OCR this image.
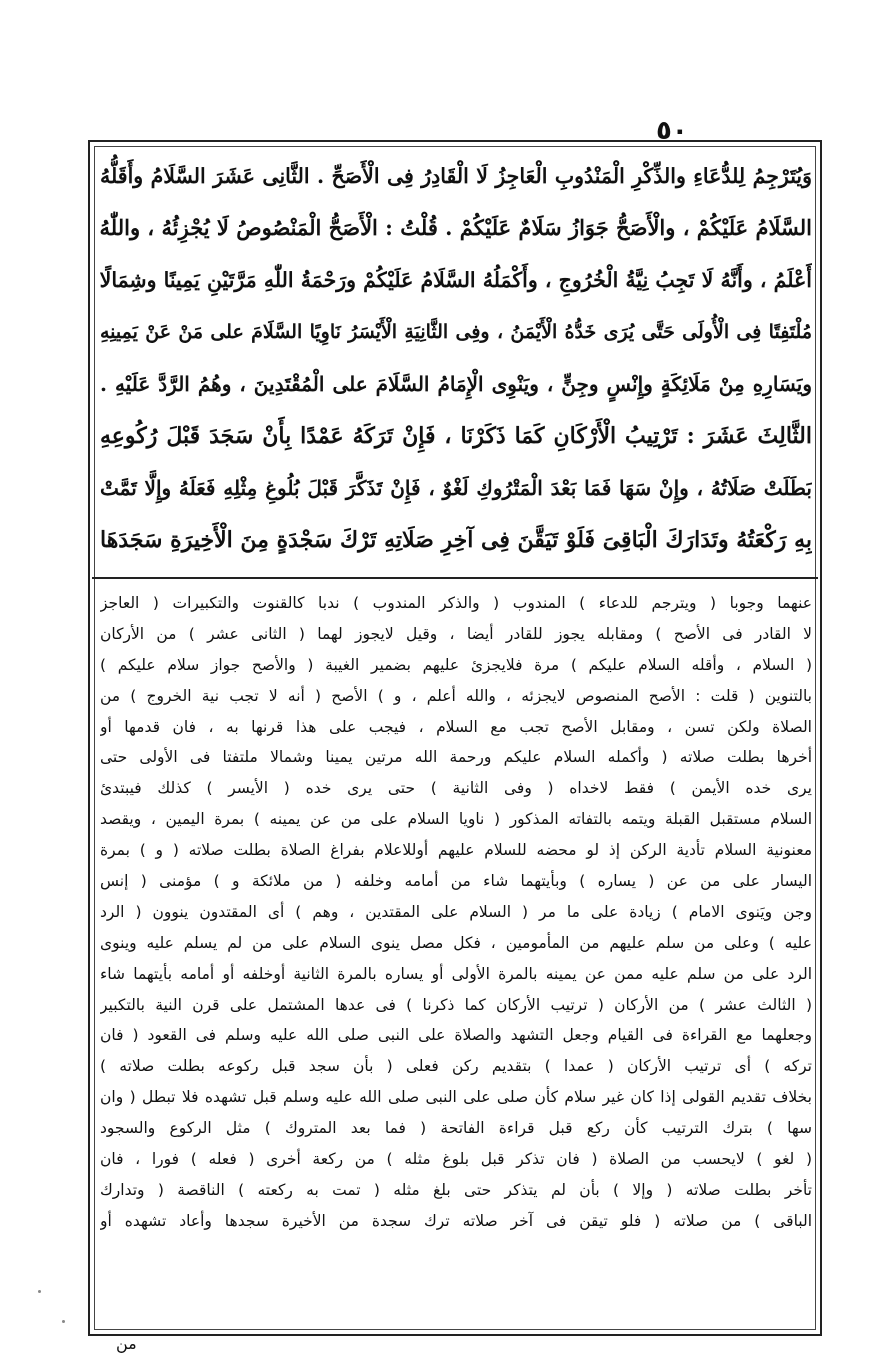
٥٠
وَيُتَرْجِمُ لِلدُّعَاءِ والذِّكْرِ الْمَنْدُوبِ الْعَاجِزُ لَا الْقَادِرُ فِى الْأَصَحِّ . الثَّانِى عَشَرَ السَّلَامُ وأَقَلُّهُ
السَّلَامُ عَلَيْكُمْ ، والْأَصَحُّ جَوَازُ سَلَامٌ عَلَيْكُمْ . قُلْتُ : الْأَصَحُّ الْمَنْصُوصُ لَا يُجْزِئُهُ ، واللّٰهُ
أَعْلَمُ ، وأَنَّهُ لَا تَجِبُ نِيَّةُ الْخُرُوجِ ، وأَكْمَلُهُ السَّلَامُ عَلَيْكُمْ ورَحْمَةُ اللّٰهِ مَرَّتَيْنِ يَمِينًا وشِمَالًا
مُلْتَفِتًا فِى الْأُولَى حَتَّى يُرَى خَدُّهُ الْأَيْمَنُ ، وفِى الثَّانِيَةِ الْأَيْسَرُ نَاوِيًا السَّلَامَ على مَنْ عَنْ يَمِينِهِ
ويَسَارِهِ مِنْ مَلَائِكَةٍ وإِنْسٍ وجِنٍّ ، ويَنْوِى الْإِمَامُ السَّلَامَ على الْمُقْتَدِينَ ، وهُمُ الرَّدَّ عَلَيْهِ .
الثَّالِثَ عَشَرَ : تَرْتِيبُ الْأَرْكَانِ كَمَا ذَكَرْنَا ، فَإِنْ تَرَكَهُ عَمْدًا بِأَنْ سَجَدَ قَبْلَ رُكُوعِهِ
بَطَلَتْ صَلَاتُهُ ، وإِنْ سَهَا فَمَا بَعْدَ الْمَتْرُوكِ لَغْوٌ ، فَإِنْ تَذَكَّرَ قَبْلَ بُلُوغِ مِثْلِهِ فَعَلَهُ وإِلَّا تَمَّتْ
بِهِ رَكْعَتُهُ وتَدَارَكَ الْبَاقِىَ فَلَوْ تَيَقَّنَ فِى آخِرِ صَلَاتِهِ تَرْكَ سَجْدَةٍ مِنَ الْأَخِيرَةِ سَجَدَهَا
عنهما وجوبا ( ويترجم للدعاء ) المندوب ( والذكر المندوب ) ندبا كالقنوت والتكبيرات ( العاجز
لا القادر فى الأصح ) ومقابله يجوز للقادر أيضا ، وقيل لايجوز لهما ( الثانى عشر ) من الأركان
( السلام ، وأقله السلام عليكم ) مرة فلايجزئ عليهم بضمير الغيبة ( والأصح جواز سلام عليكم )
بالتنوين ( قلت : الأصح المنصوص لايجزئه ، والله أعلم ، و ) الأصح ( أنه لا تجب نية الخروج ) من
الصلاة ولكن تسن ، ومقابل الأصح تجب مع السلام ، فيجب على هذا قرنها به ، فان قدمها أو
أخرها بطلت صلاته ( وأكمله السلام عليكم ورحمة الله مرتين يمينا وشمالا ملتفتا فى الأولى حتى
يرى خده الأيمن ) فقط لاخداه ( وفى الثانية ) حتى يرى خده ( الأيسر ) كذلك فيبتدئ
السلام مستقبل القبلة ويتمه بالتفاته المذكور ( ناويا السلام على من عن يمينه ) بمرة اليمين ، ويقصد
معنونية السلام تأدية الركن إذ لو محضه للسلام عليهم أوللاعلام بفراغ الصلاة بطلت صلاته ( و ) بمرة
اليسار على من عن ( يساره ) وبأيتهما شاء من أمامه وخلفه ( من ملائكة و ) مؤمنى ( إنس
وجن ويَنوى الامام ) زيادة على ما مر ( السلام على المقتدين ، وهم ) أى المقتدون ينوون ( الرد
عليه ) وعلى من سلم عليهم من المأمومين ، فكل مصل ينوى السلام على من لم يسلم عليه وينوى
الرد على من سلم عليه ممن عن يمينه بالمرة الأولى أو يساره بالمرة الثانية أوخلفه أو أمامه بأيتهما شاء
( الثالث عشر ) من الأركان ( ترتيب الأركان كما ذكرنا ) فى عدها المشتمل على قرن النية بالتكبير
وجعلهما مع القراءة فى القيام وجعل التشهد والصلاة على النبى صلى الله عليه وسلم فى القعود ( فان
تركه ) أى ترتيب الأركان ( عمدا ) بتقديم ركن فعلى ( بأن سجد قبل ركوعه بطلت صلاته )
بخلاف تقديم القولى إذا كان غير سلام كأن صلى على النبى صلى الله عليه وسلم قبل تشهده فلا تبطل ( وان
سها ) بترك الترتيب كأن ركع قبل قراءة الفاتحة ( فما بعد المتروك ) مثل الركوع والسجود
( لغو ) لايحسب من الصلاة ( فان تذكر قبل بلوغ مثله ) من ركعة أخرى ( فعله ) فورا ، فان
تأخر بطلت صلاته ( وإلا ) بأن لم يتذكر حتى بلغ مثله ( تمت به ركعته ) الناقصة ( وتدارك
الباقى ) من صلاته ( فلو تيقن فى آخر صلاته ترك سجدة من الأخيرة سجدها وأعاد تشهده أو
من
